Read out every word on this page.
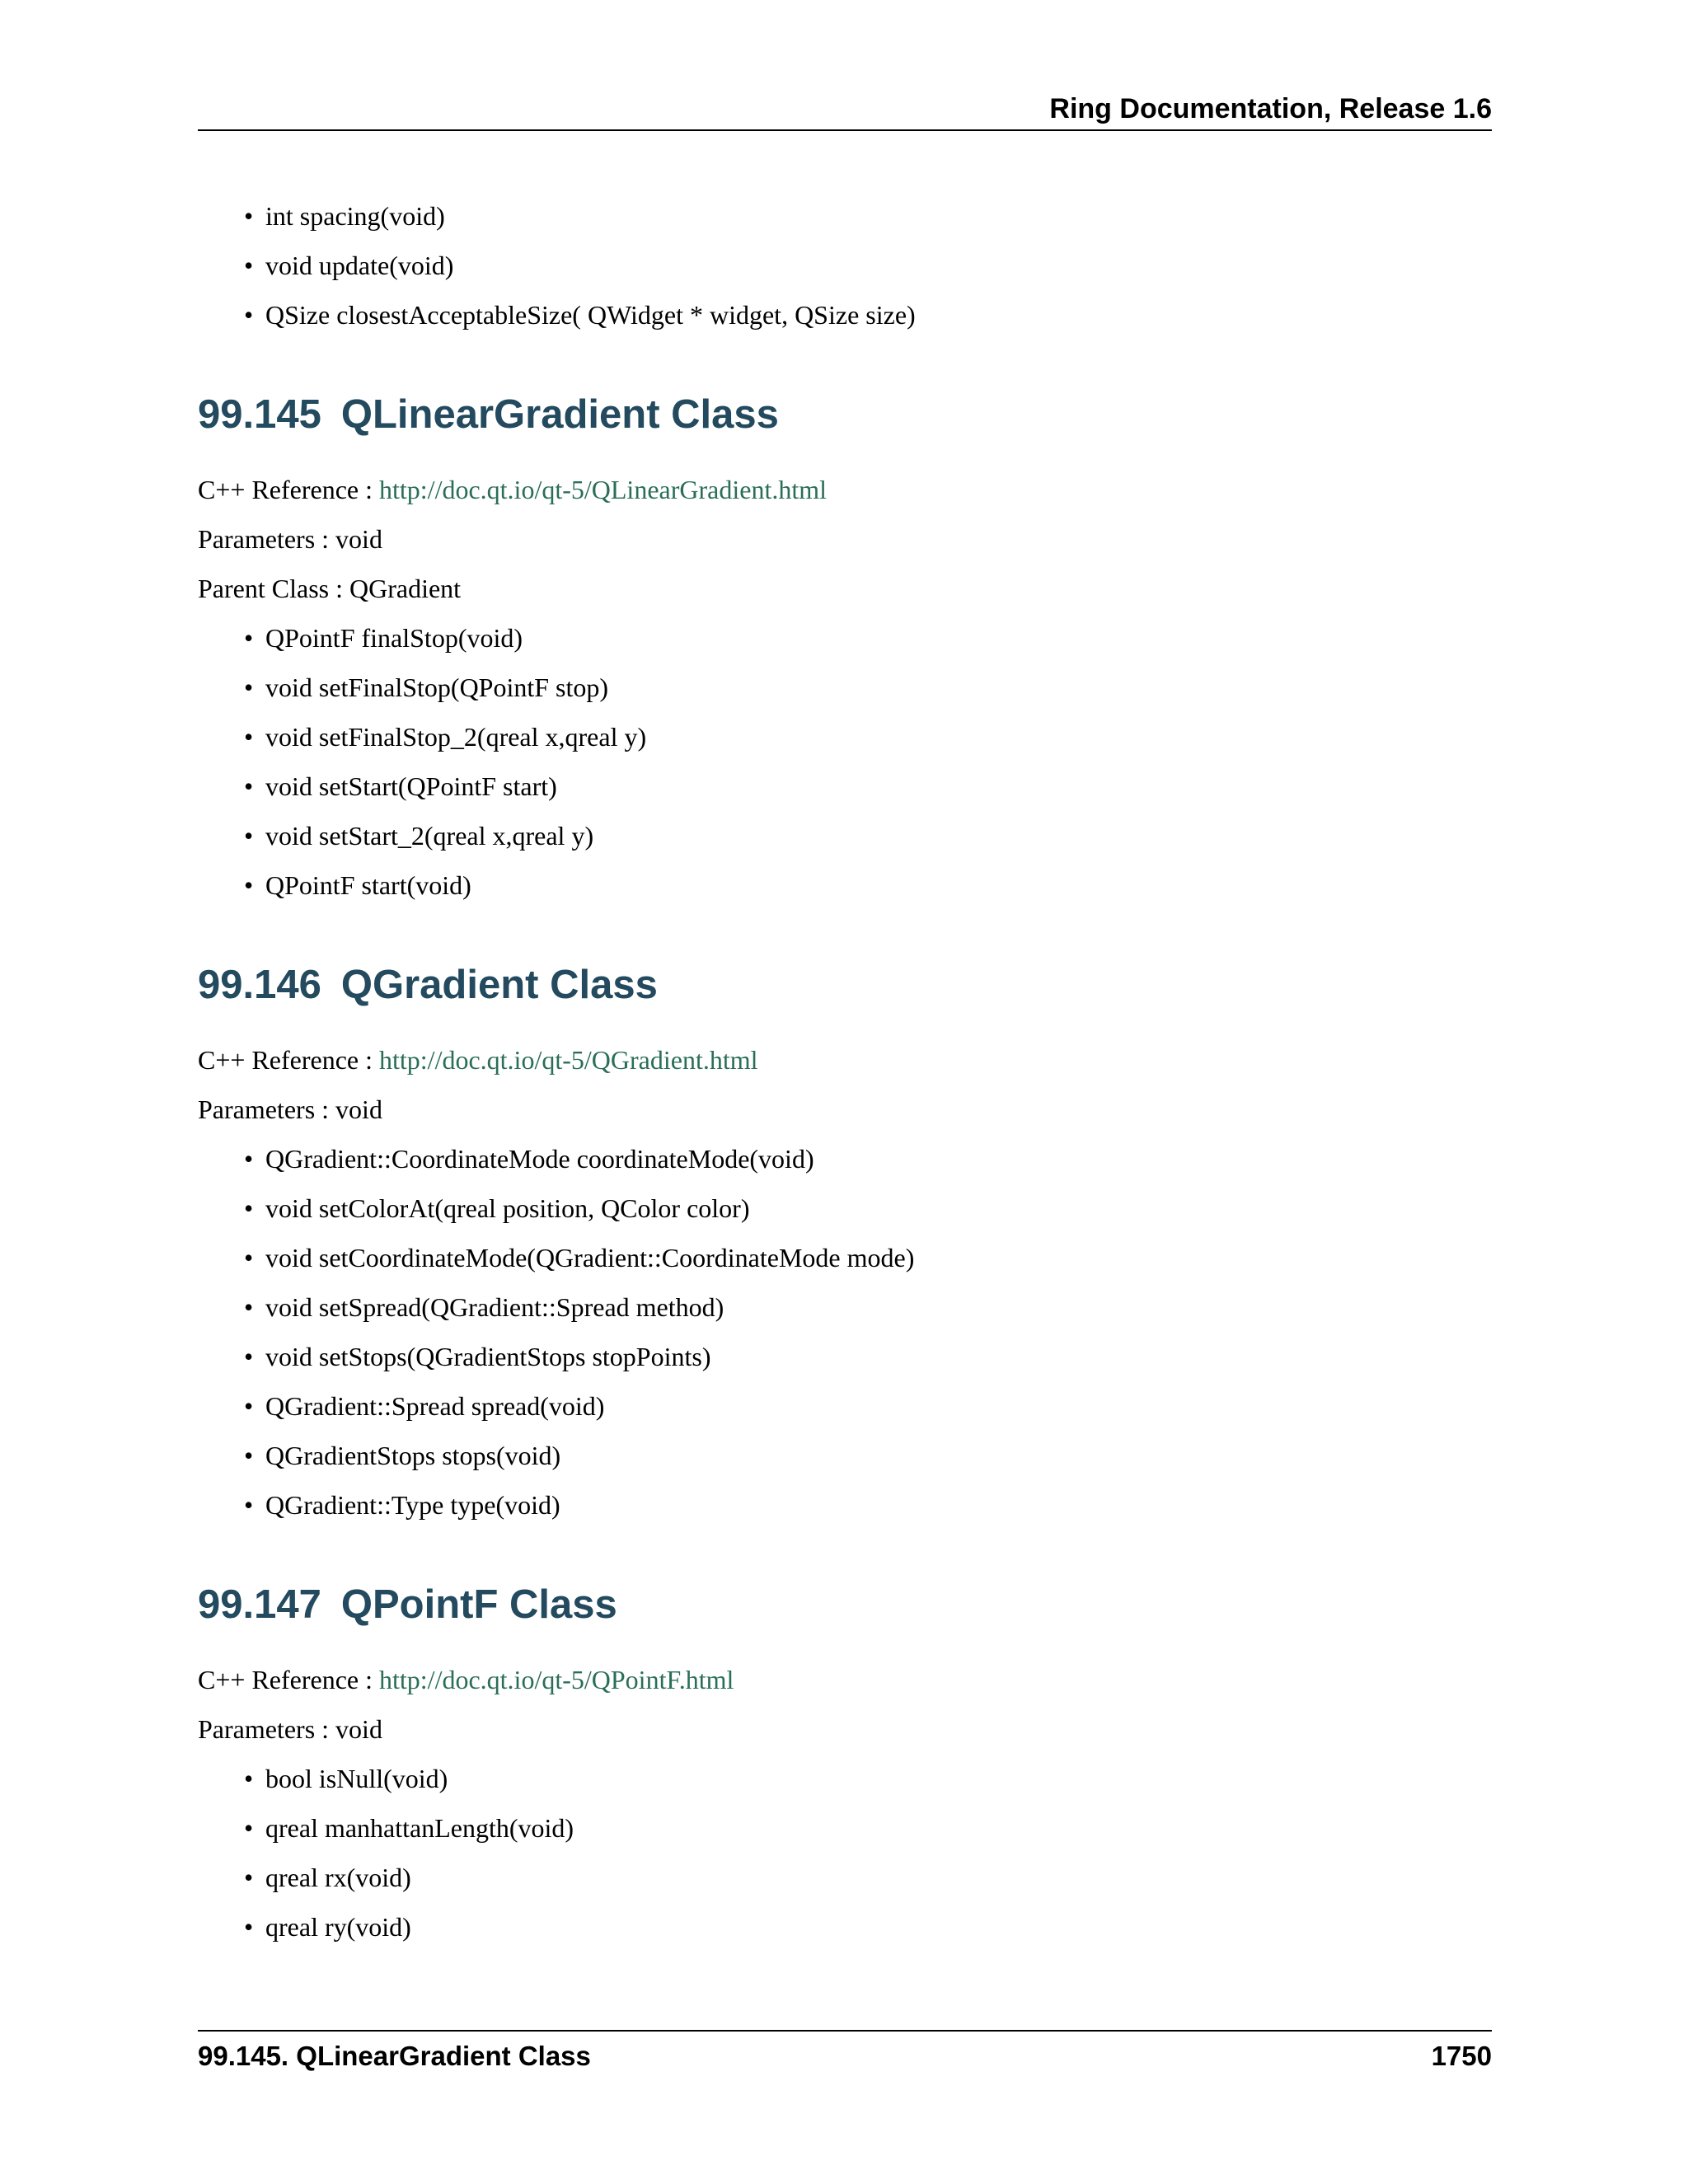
Ring Documentation, Release 1.6
• int spacing(void)
• void update(void)
• QSize closestAcceptableSize( QWidget * widget, QSize size)
99.145 QLinearGradient Class
C++ Reference : http://doc.qt.io/qt-5/QLinearGradient.html
Parameters : void
Parent Class : QGradient
• QPointF finalStop(void)
• void setFinalStop(QPointF stop)
• void setFinalStop_2(qreal x,qreal y)
• void setStart(QPointF start)
• void setStart_2(qreal x,qreal y)
• QPointF start(void)
99.146 QGradient Class
C++ Reference : http://doc.qt.io/qt-5/QGradient.html
Parameters : void
• QGradient::CoordinateMode coordinateMode(void)
• void setColorAt(qreal position, QColor color)
• void setCoordinateMode(QGradient::CoordinateMode mode)
• void setSpread(QGradient::Spread method)
• void setStops(QGradientStops stopPoints)
• QGradient::Spread spread(void)
• QGradientStops stops(void)
• QGradient::Type type(void)
99.147 QPointF Class
C++ Reference : http://doc.qt.io/qt-5/QPointF.html
Parameters : void
• bool isNull(void)
• qreal manhattanLength(void)
• qreal rx(void)
• qreal ry(void)
99.145. QLinearGradient Class	1750
